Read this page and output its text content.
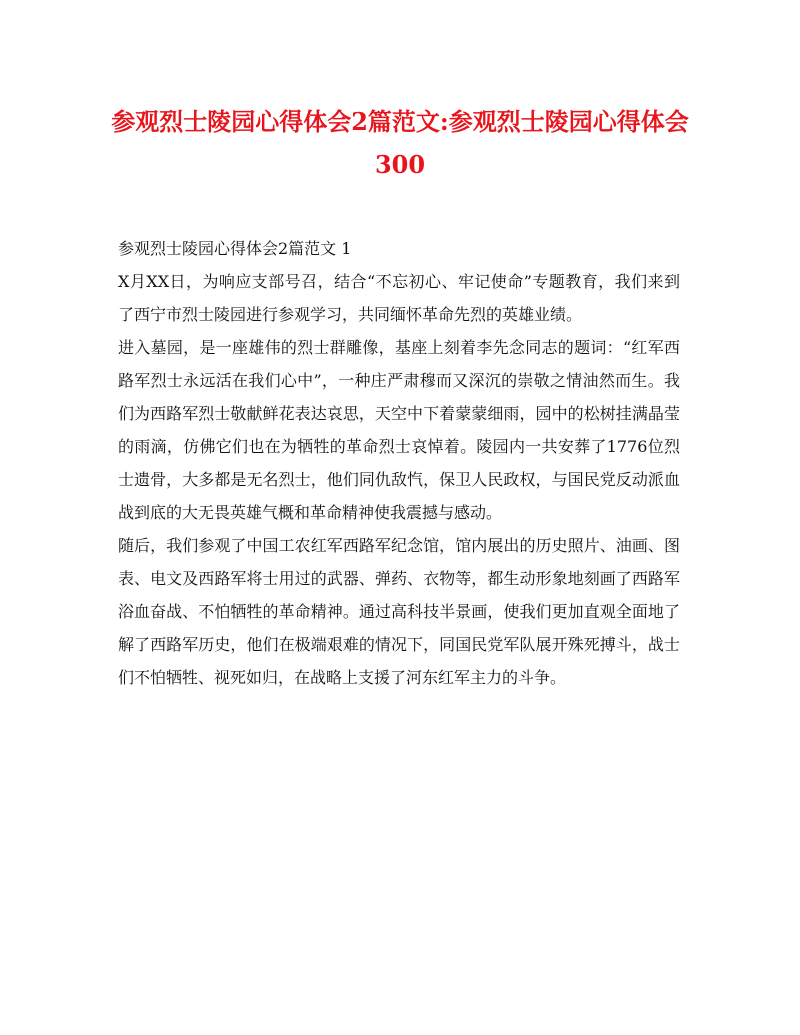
参观烈士陵园心得体会2篇范文:参观烈士陵园心得体会300

参观烈士陵园心得体会2篇范文 1

X月XX日，为响应支部号召，结合“不忘初心、牢记使命”专题教育，我们来到了西宁市烈士陵园进行参观学习，共同缅怀革命先烈的英雄业绩。

进入墓园，是一座雄伟的烈士群雕像，基座上刻着李先念同志的题词：“红军西路军烈士永远活在我们心中”，一种庄严肃穆而又深沉的崇敬之情油然而生。我们为西路军烈士敬献鲜花表达哀思，天空中下着蒙蒙细雨，园中的松树挂满晶莹的雨滴，仿佛它们也在为牺牲的革命烈士哀悼着。陵园内一共安葬了1776位烈士遗骨，大多都是无名烈士，他们同仇敌忾，保卫人民政权，与国民党反动派血战到底的大无畏英雄气概和革命精神使我震撼与感动。

随后，我们参观了中国工农红军西路军纪念馆，馆内展出的历史照片、油画、图表、电文及西路军将士用过的武器、弹药、衣物等，都生动形象地刻画了西路军浴血奋战、不怕牺牲的革命精神。通过高科技半景画，使我们更加直观全面地了解了西路军历史，他们在极端艰难的情况下，同国民党军队展开殊死搏斗，战士们不怕牺牲、视死如归，在战略上支援了河东红军主力的斗争。
